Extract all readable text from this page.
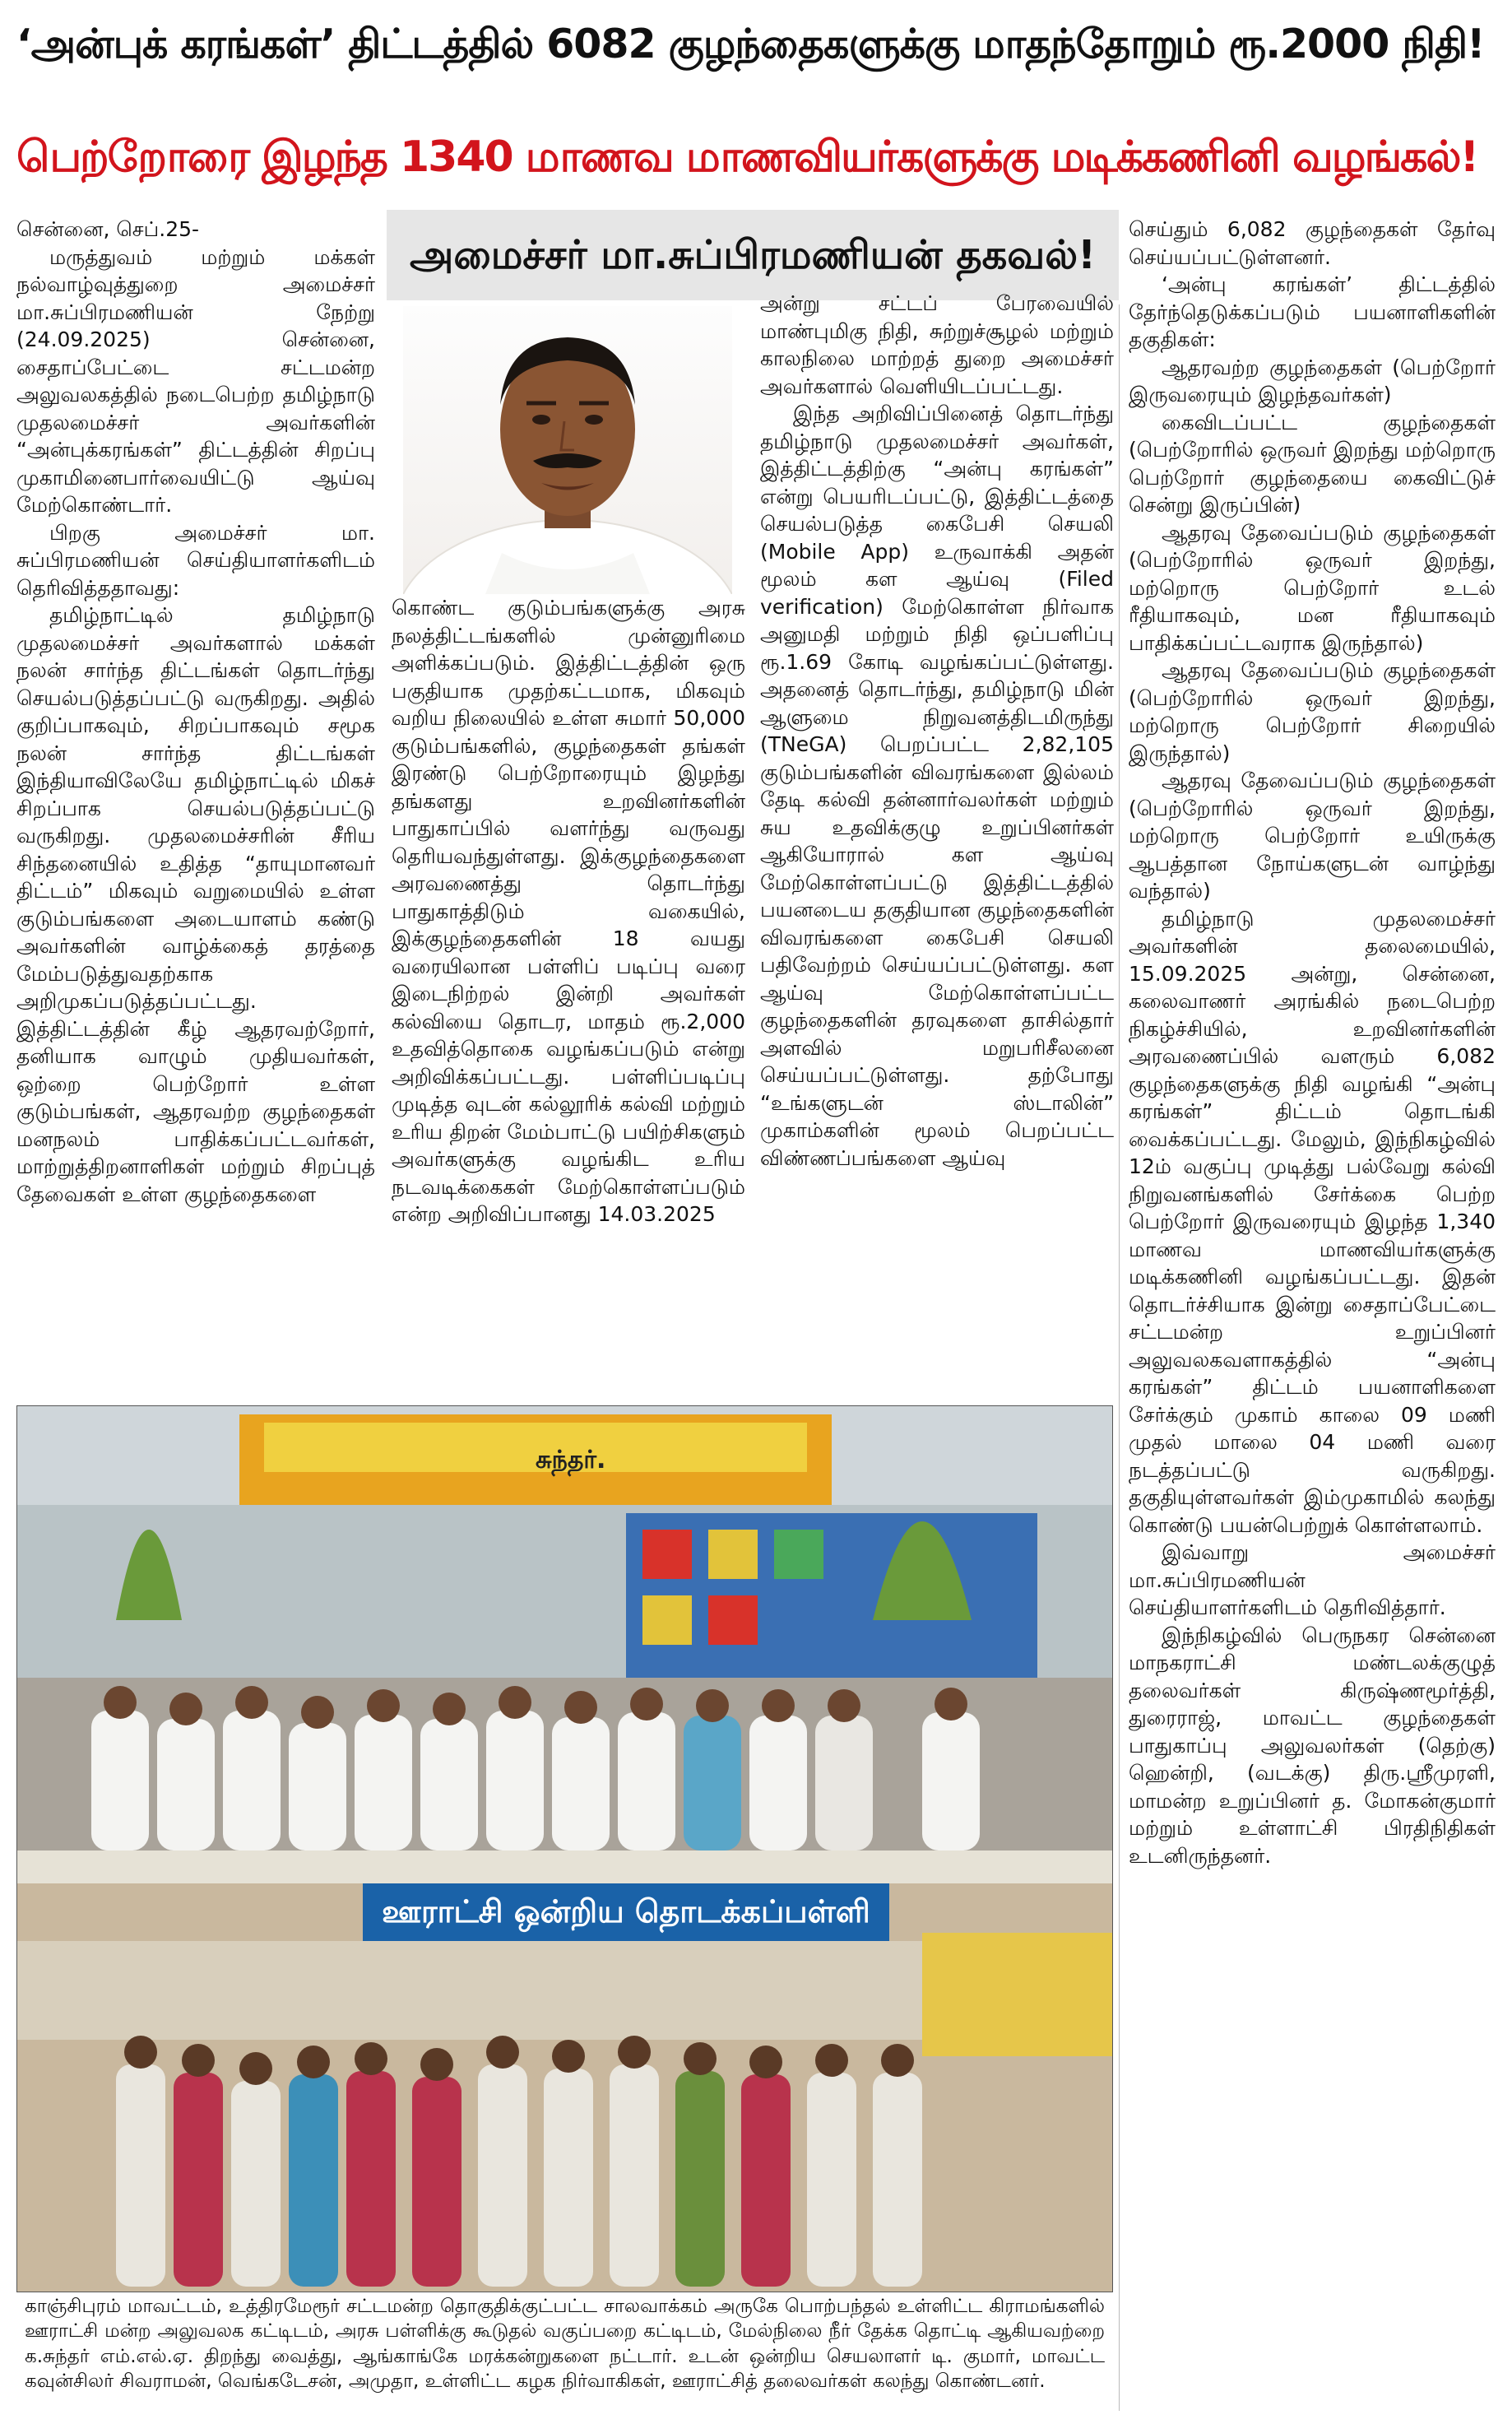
‘அன்புக் கரங்கள்’ திட்டத்தில் 6082 குழந்தைகளுக்கு மாதந்தோறும் ரூ.2000 நிதி!
பெற்றோரை இழந்த 1340 மாணவ மாணவியர்களுக்கு மடிக்கணினி வழங்கல்!
அமைச்சர் மா.சுப்பிரமணியன் தகவல்!

சென்னை, செப்.25-

மருத்துவம் மற்றும் மக்கள் நல்வாழ்வுத்துறை அமைச்சர் மா.சுப்பிரமணியன் நேற்று (24.09.2025) சென்னை, சைதாப்பேட்டை சட்டமன்ற அலுவலகத்தில் நடைபெற்ற தமிழ்நாடு முதலமைச்சர் அவர்களின் “அன்புக்கரங்கள்” திட்டத்தின் சிறப்பு முகாமினைபார்வையிட்டு ஆய்வு மேற்கொண்டார்.

பிறகு அமைச்சர் மா. சுப்பிரமணியன் செய்தியாளர்களிடம் தெரிவித்ததாவது:

தமிழ்நாட்டில் தமிழ்நாடு முதலமைச்சர் அவர்களால் மக்கள் நலன் சார்ந்த திட்டங்கள் தொடர்ந்து செயல்படுத்தப்பட்டு வருகிறது. அதில் குறிப்பாகவும், சிறப்பாகவும் சமூக நலன் சார்ந்த திட்டங்கள் இந்தியாவிலேயே தமிழ்நாட்டில் மிகச் சிறப்பாக செயல்படுத்தப்பட்டு வருகிறது. முதலமைச்சரின் சீரிய சிந்தனையில் உதித்த “தாயுமானவர் திட்டம்” மிகவும் வறுமையில் உள்ள குடும்பங்களை அடையாளம் கண்டு அவர்களின் வாழ்க்கைத் தரத்தை மேம்படுத்துவதற்காக அறிமுகப்படுத்தப்பட்டது. இத்திட்டத்தின் கீழ் ஆதரவற்றோர், தனியாக வாழும் முதியவர்கள், ஒற்றை பெற்றோர் உள்ள குடும்பங்கள், ஆதரவற்ற குழந்தைகள் மனநலம் பாதிக்கப்பட்டவர்கள், மாற்றுத்திறனாளிகள் மற்றும் சிறப்புத் தேவைகள் உள்ள குழந்தைகளை

கொண்ட குடும்பங்களுக்கு அரசு நலத்திட்டங்களில் முன்னுரிமை அளிக்கப்படும். இத்திட்டத்தின் ஒரு பகுதியாக முதற்கட்டமாக, மிகவும் வறிய நிலையில் உள்ள சுமார் 50,000 குடும்பங்களில், குழந்தைகள் தங்கள் இரண்டு பெற்றோரையும் இழந்து தங்களது உறவினர்களின் பாதுகாப்பில் வளர்ந்து வருவது தெரியவந்துள்ளது. இக்குழந்தைகளை அரவணைத்து தொடர்ந்து பாதுகாத்திடும் வகையில், இக்குழந்தைகளின் 18 வயது வரையிலான பள்ளிப் படிப்பு வரை இடைநிற்றல் இன்றி அவர்கள் கல்வியை தொடர, மாதம் ரூ.2,000 உதவித்தொகை வழங்கப்படும் என்று அறிவிக்கப்பட்டது. பள்ளிப்படிப்பு முடித்த வுடன் கல்லூரிக் கல்வி மற்றும் உரிய திறன் மேம்பாட்டு பயிற்சிகளும் அவர்களுக்கு வழங்கிட உரிய நடவடிக்கைகள் மேற்கொள்ளப்படும் என்ற அறிவிப்பானது 14.03.2025

அன்று சட்டப் பேரவையில் மாண்புமிகு நிதி, சுற்றுச்சூழல் மற்றும் காலநிலை மாற்றத் துறை அமைச்சர் அவர்களால் வெளியிடப்பட்டது.

இந்த அறிவிப்பினைத் தொடர்ந்து தமிழ்நாடு முதலமைச்சர் அவர்கள், இத்திட்டத்திற்கு “அன்பு கரங்கள்” என்று பெயரிடப்பட்டு, இத்திட்டத்தை செயல்படுத்த கைபேசி செயலி (Mobile App) உருவாக்கி அதன் மூலம் கள ஆய்வு (Filed verification) மேற்கொள்ள நிர்வாக அனுமதி மற்றும் நிதி ஒப்பளிப்பு ரூ.1.69 கோடி வழங்கப்பட்டுள்ளது. அதனைத் தொடர்ந்து, தமிழ்நாடு மின் ஆளுமை நிறுவனத்திடமிருந்து (TNeGA) பெறப்பட்ட 2,82,105 குடும்பங்களின் விவரங்களை இல்லம் தேடி கல்வி தன்னார்வலர்கள் மற்றும் சுய உதவிக்குழு உறுப்பினர்கள் ஆகியோரால் கள ஆய்வு மேற்கொள்ளப்பட்டு இத்திட்டத்தில் பயனடைய தகுதியான குழந்தைகளின் விவரங்களை கைபேசி செயலி பதிவேற்றம் செய்யப்பட்டுள்ளது. கள ஆய்வு மேற்கொள்ளப்பட்ட குழந்தைகளின் தரவுகளை தாசில்தார் அளவில் மறுபரிசீலனை செய்யப்பட்டுள்ளது. தற்போது “உங்களுடன் ஸ்டாலின்” முகாம்களின் மூலம் பெறப்பட்ட விண்ணப்பங்களை ஆய்வு

செய்தும் 6,082 குழந்தைகள் தேர்வு செய்யப்பட்டுள்ளனர்.

‘அன்பு கரங்கள்’ திட்டத்தில் தேர்ந்தெடுக்கப்படும் பயனாளிகளின் தகுதிகள்:

ஆதரவற்ற குழந்தைகள் (பெற்றோர் இருவரையும் இழந்தவர்கள்)

கைவிடப்பட்ட குழந்தைகள் (பெற்றோரில் ஒருவர் இறந்து மற்றொரு பெற்றோர் குழந்தையை கைவிட்டுச் சென்று இருப்பின்)

ஆதரவு தேவைப்படும் குழந்தைகள் (பெற்றோரில் ஒருவர் இறந்து, மற்றொரு பெற்றோர் உடல் ரீதியாகவும், மன ரீதியாகவும் பாதிக்கப்பட்டவராக இருந்தால்)

ஆதரவு தேவைப்படும் குழந்தைகள் (பெற்றோரில் ஒருவர் இறந்து, மற்றொரு பெற்றோர் சிறையில் இருந்தால்)

ஆதரவு தேவைப்படும் குழந்தைகள் (பெற்றோரில் ஒருவர் இறந்து, மற்றொரு பெற்றோர் உயிருக்கு ஆபத்தான நோய்களுடன் வாழ்ந்து வந்தால்)

தமிழ்நாடு முதலமைச்சர் அவர்களின் தலைமையில், 15.09.2025 அன்று, சென்னை, கலைவாணர் அரங்கில் நடைபெற்ற நிகழ்ச்சியில், உறவினர்களின் அரவணைப்பில் வளரும் 6,082 குழந்தைகளுக்கு நிதி வழங்கி “அன்பு கரங்கள்” திட்டம் தொடங்கி வைக்கப்பட்டது. மேலும், இந்நிகழ்வில் 12ம் வகுப்பு முடித்து பல்வேறு கல்வி நிறுவனங்களில் சேர்க்கை பெற்ற பெற்றோர் இருவரையும் இழந்த 1,340 மாணவ மாணவியர்களுக்கு மடிக்கணினி வழங்கப்பட்டது. இதன் தொடர்ச்சியாக இன்று சைதாப்பேட்டை சட்டமன்ற உறுப்பினர் அலுவலகவளாகத்தில் “அன்பு கரங்கள்” திட்டம் பயனாளிகளை சேர்க்கும் முகாம் காலை 09 மணி முதல் மாலை 04 மணி வரை நடத்தப்பட்டு வருகிறது. தகுதியுள்ளவர்கள் இம்முகாமில் கலந்து கொண்டு பயன்பெற்றுக் கொள்ளலாம்.

இவ்வாறு அமைச்சர் மா.சுப்பிரமணியன் செய்தியாளர்களிடம் தெரிவித்தார்.

இந்நிகழ்வில் பெருநகர சென்னை மாநகராட்சி மண்டலக்குழுத் தலைவர்கள் கிருஷ்ணமூர்த்தி, துரைராஜ், மாவட்ட குழந்தைகள் பாதுகாப்பு அலுவலர்கள் (தெற்கு) ஹென்றி, (வடக்கு) திரு.ஸ்ரீமுரளி, மாமன்ற உறுப்பினர் த. மோகன்குமார் மற்றும் உள்ளாட்சி பிரதிநிதிகள் உடனிருந்தனர்.

சுந்தர்.
ஊராட்சி ஒன்றிய தொடக்கப்பள்ளி
காஞ்சிபுரம் மாவட்டம், உத்திரமேரூர் சட்டமன்ற தொகுதிக்குட்பட்ட சாலவாக்கம் அருகே பொற்பந்தல் உள்ளிட்ட கிராமங்களில் ஊராட்சி மன்ற அலுவலக கட்டிடம், அரசு பள்ளிக்கு கூடுதல் வகுப்பறை கட்டிடம், மேல்நிலை நீர் தேக்க தொட்டி ஆகியவற்றை க.சுந்தர் எம்.எல்.ஏ. திறந்து வைத்து, ஆங்காங்கே மரக்கன்றுகளை நட்டார். உடன் ஒன்றிய செயலாளர் டி. குமார், மாவட்ட கவுன்சிலர் சிவராமன், வெங்கடேசன், அமுதா, உள்ளிட்ட கழக நிர்வாகிகள், ஊராட்சித் தலைவர்கள் கலந்து கொண்டனர்.
